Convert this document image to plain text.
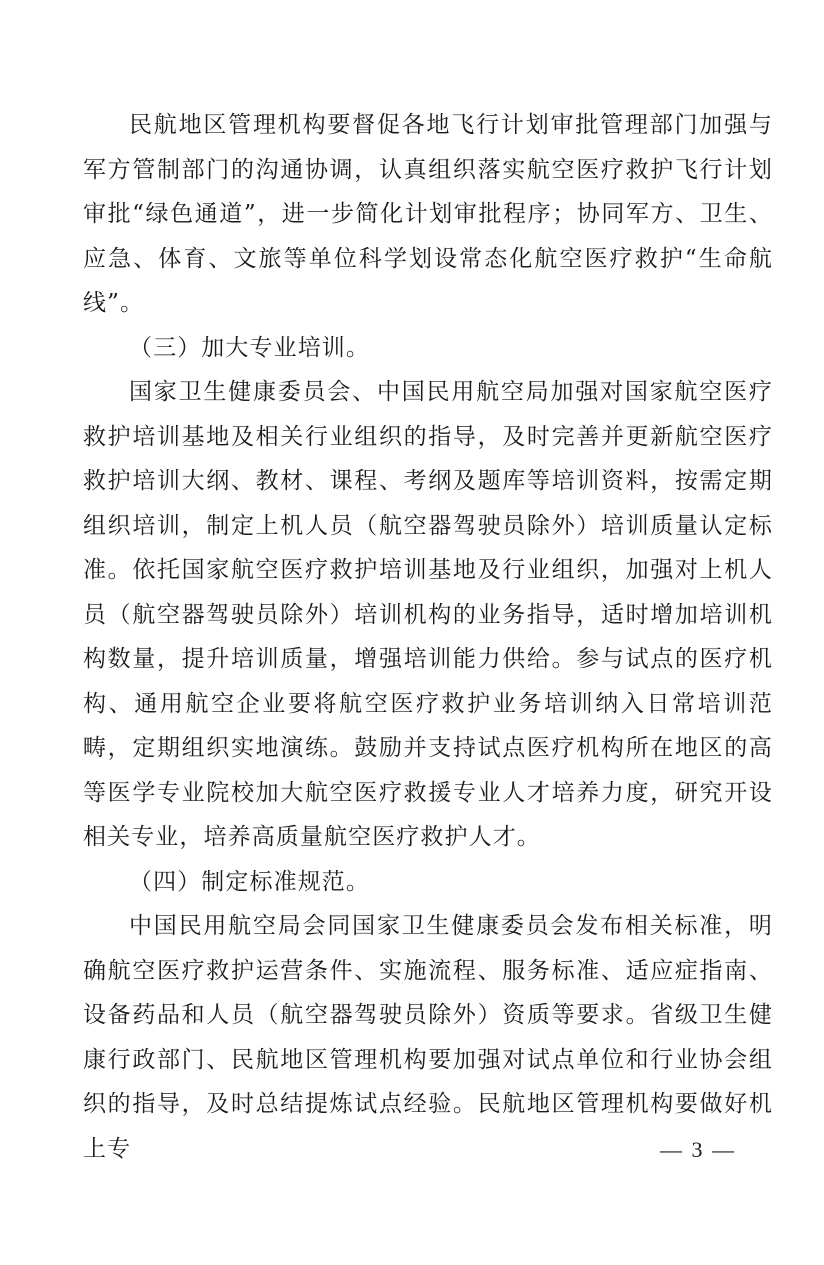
民航地区管理机构要督促各地飞行计划审批管理部门加强与军方管制部门的沟通协调，认真组织落实航空医疗救护飞行计划审批“绿色通道”，进一步简化计划审批程序；协同军方、卫生、应急、体育、文旅等单位科学划设常态化航空医疗救护“生命航线”。

（三）加大专业培训。

国家卫生健康委员会、中国民用航空局加强对国家航空医疗救护培训基地及相关行业组织的指导，及时完善并更新航空医疗救护培训大纲、教材、课程、考纲及题库等培训资料，按需定期组织培训，制定上机人员（航空器驾驶员除外）培训质量认定标准。依托国家航空医疗救护培训基地及行业组织，加强对上机人员（航空器驾驶员除外）培训机构的业务指导，适时增加培训机构数量，提升培训质量，增强培训能力供给。参与试点的医疗机构、通用航空企业要将航空医疗救护业务培训纳入日常培训范畴，定期组织实地演练。鼓励并支持试点医疗机构所在地区的高等医学专业院校加大航空医疗救援专业人才培养力度，研究开设相关专业，培养高质量航空医疗救护人才。

（四）制定标准规范。

中国民用航空局会同国家卫生健康委员会发布相关标准，明确航空医疗救护运营条件、实施流程、服务标准、适应症指南、设备药品和人员（航空器驾驶员除外）资质等要求。省级卫生健康行政部门、民航地区管理机构要加强对试点单位和行业协会组织的指导，及时总结提炼试点经验。民航地区管理机构要做好机上专	— 3 —
